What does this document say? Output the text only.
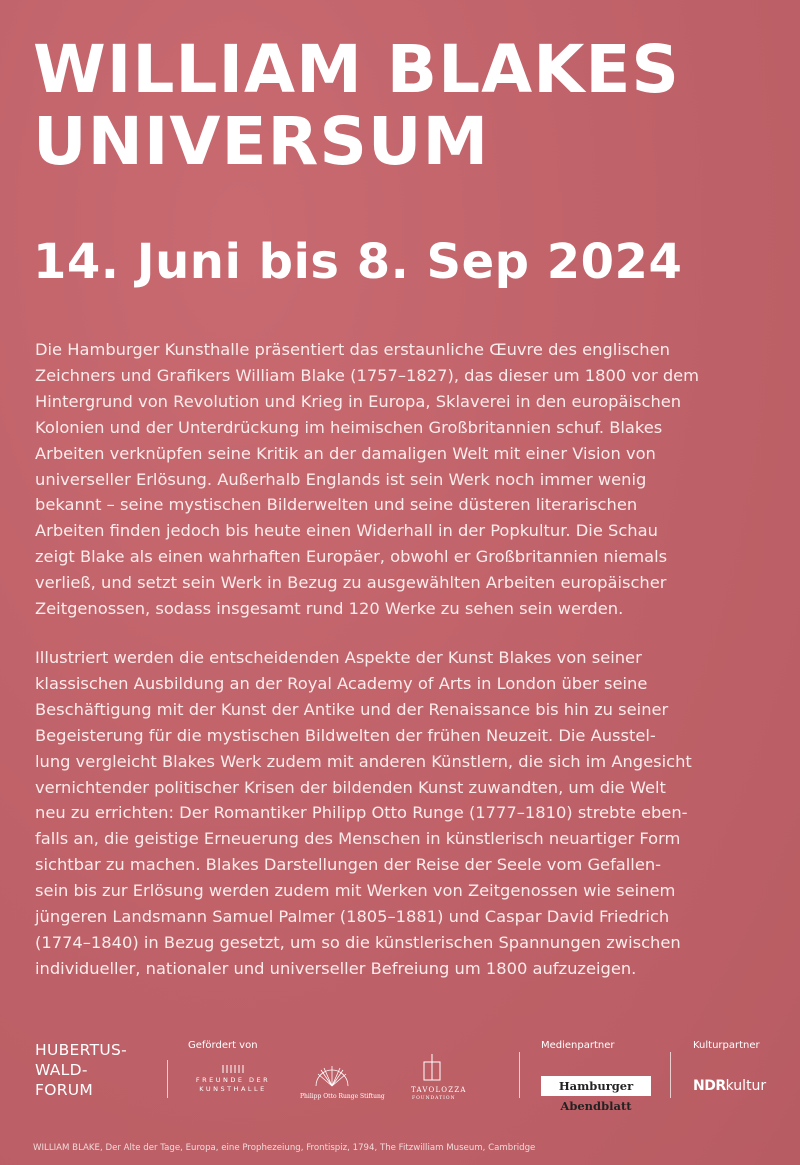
WILLIAM BLAKES
UNIVERSUM
14. Juni bis 8. Sep 2024
Die Hamburger Kunsthalle präsentiert das erstaunliche Œuvre des englischen
Zeichners und Grafikers William Blake (1757–1827), das dieser um 1800 vor dem
Hintergrund von Revolution und Krieg in Europa, Sklaverei in den europäischen
Kolonien und der Unterdrückung im heimischen Großbritannien schuf. Blakes
Arbeiten verknüpfen seine Kritik an der damaligen Welt mit einer Vision von
universeller Erlösung. Außerhalb Englands ist sein Werk noch immer wenig
bekannt – seine mystischen Bilderwelten und seine düsteren literarischen
Arbeiten finden jedoch bis heute einen Widerhall in der Popkultur. Die Schau
zeigt Blake als einen wahrhaften Europäer, obwohl er Großbritannien niemals
verließ, und setzt sein Werk in Bezug zu ausgewählten Arbeiten europäischer
Zeitgenossen, sodass insgesamt rund 120 Werke zu sehen sein werden.
Illustriert werden die entscheidenden Aspekte der Kunst Blakes von seiner
klassischen Ausbildung an der Royal Academy of Arts in London über seine
Beschäftigung mit der Kunst der Antike und der Renaissance bis hin zu seiner
Begeisterung für die mystischen Bildwelten der frühen Neuzeit. Die Ausstel-
lung vergleicht Blakes Werk zudem mit anderen Künstlern, die sich im Angesicht
vernichtender politischer Krisen der bildenden Kunst zuwandten, um die Welt
neu zu errichten: Der Romantiker Philipp Otto Runge (1777–1810) strebte eben-
falls an, die geistige Erneuerung des Menschen in künstlerisch neuartiger Form
sichtbar zu machen. Blakes Darstellungen der Reise der Seele vom Gefallen-
sein bis zur Erlösung werden zudem mit Werken von Zeitgenossen wie seinem
jüngeren Landsmann Samuel Palmer (1805–1881) und Caspar David Friedrich
(1774–1840) in Bezug gesetzt, um so die künstlerischen Spannungen zwischen
individueller, nationaler und universeller Befreiung um 1800 aufzuzeigen.
HUBERTUS-
WALD-
FORUM
Gefördert von
FREUNDE DER
KUNSTHALLE
Philipp Otto Runge Stiftung
TAVOLOZZA
FOUNDATION
Medienpartner
Hamburger Abendblatt
Kulturpartner
NDRkultur
WILLIAM BLAKE, Der Alte der Tage, Europa, eine Prophezeiung, Frontispiz, 1794, The Fitzwilliam Museum, Cambridge
